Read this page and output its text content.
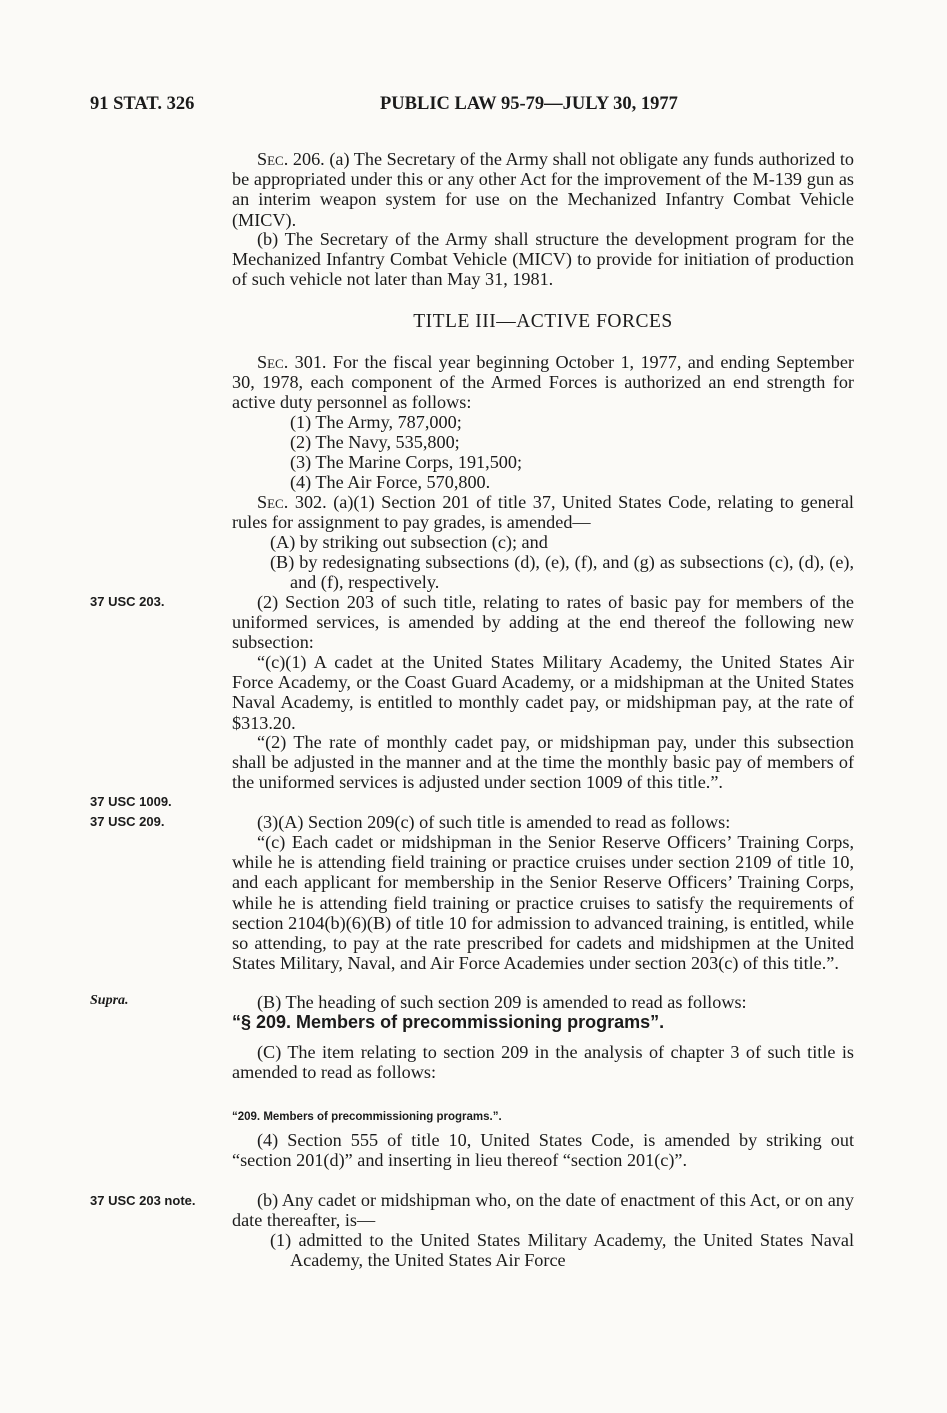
91 STAT. 326	PUBLIC LAW 95-79—JULY 30, 1977

Sec. 206. (a) The Secretary of the Army shall not obligate any funds authorized to be appropriated under this or any other Act for the improvement of the M-139 gun as an interim weapon system for use on the Mechanized Infantry Combat Vehicle (MICV).

(b) The Secretary of the Army shall structure the development program for the Mechanized Infantry Combat Vehicle (MICV) to provide for initiation of production of such vehicle not later than May 31, 1981.

TITLE III—ACTIVE FORCES

Sec. 301. For the fiscal year beginning October 1, 1977, and ending September 30, 1978, each component of the Armed Forces is authorized an end strength for active duty personnel as follows:

(1) The Army, 787,000;

(2) The Navy, 535,800;

(3) The Marine Corps, 191,500;

(4) The Air Force, 570,800.

Sec. 302. (a)(1) Section 201 of title 37, United States Code, relating to general rules for assignment to pay grades, is amended—

(A) by striking out subsection (c); and

(B) by redesignating subsections (d), (e), (f), and (g) as subsections (c), (d), (e), and (f), respectively.

37 USC 203.	(2) Section 203 of such title, relating to rates of basic pay for members of the uniformed services, is amended by adding at the end thereof the following new subsection:

“(c)(1) A cadet at the United States Military Academy, the United States Air Force Academy, or the Coast Guard Academy, or a midshipman at the United States Naval Academy, is entitled to monthly cadet pay, or midshipman pay, at the rate of $313.20.

“(2) The rate of monthly cadet pay, or midshipman pay, under this subsection shall be adjusted in the manner and at the time the monthly basic pay of members of the uniformed services is adjusted under section 1009 of this title.”.

37 USC 1009.
37 USC 209.	(3)(A) Section 209(c) of such title is amended to read as follows:

“(c) Each cadet or midshipman in the Senior Reserve Officers’ Training Corps, while he is attending field training or practice cruises under section 2109 of title 10, and each applicant for membership in the Senior Reserve Officers’ Training Corps, while he is attending field training or practice cruises to satisfy the requirements of section 2104(b)(6)(B) of title 10 for admission to advanced training, is entitled, while so attending, to pay at the rate prescribed for cadets and midshipmen at the United States Military, Naval, and Air Force Academies under section 203(c) of this title.”.

Supra.	(B) The heading of such section 209 is amended to read as follows:

“§ 209. Members of precommissioning programs”.

(C) The item relating to section 209 in the analysis of chapter 3 of such title is amended to read as follows:

“209. Members of precommissioning programs.”.

(4) Section 555 of title 10, United States Code, is amended by striking out “section 201(d)” and inserting in lieu thereof “section 201(c)”.

37 USC 203 note.	(b) Any cadet or midshipman who, on the date of enactment of this Act, or on any date thereafter, is—

(1) admitted to the United States Military Academy, the United States Naval Academy, the United States Air Force
